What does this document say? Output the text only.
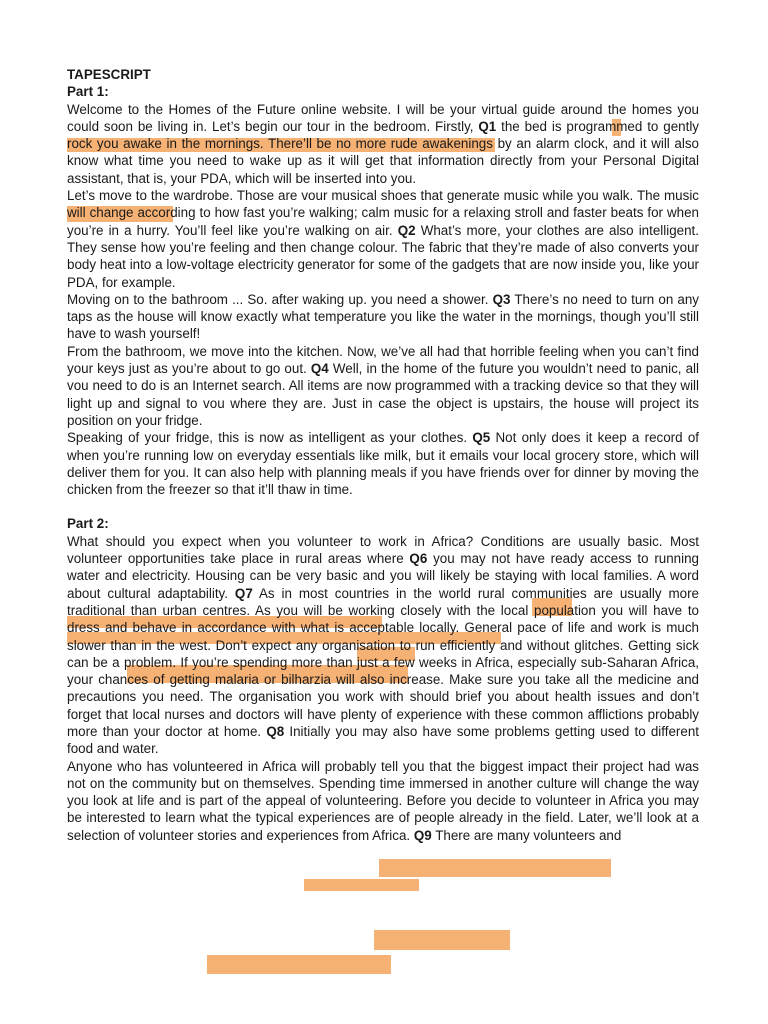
TAPESCRIPT

Part 1:

Welcome to the Homes of the Future online website. I will be your virtual guide around the homes you could soon be living in. Let’s begin our tour in the bedroom. Firstly, Q1 the bed is programmed to gently rock you awake in the mornings. There’ll be no more rude awakenings by an alarm clock, and it will also know what time you need to wake up as it will get that information directly from your Personal Digital assistant, that is, your PDA, which will be inserted into you.

Let’s move to the wardrobe. Those are vour musical shoes that generate music while you walk. The music will change according to how fast you’re walking; calm music for a relaxing stroll and faster beats for when you’re in a hurry. You’ll feel like you’re walking on air. Q2 What’s more, your clothes are also intelligent. They sense how you’re feeling and then change colour. The fabric that they’re made of also converts your body heat into a low-voltage electricity generator for some of the gadgets that are now inside you, like your PDA, for example.

Moving on to the bathroom ... So. after waking up. you need a shower. Q3 There’s no need to turn on any taps as the house will know exactly what temperature you like the water in the mornings, though you’ll still have to wash yourself!

From the bathroom, we move into the kitchen. Now, we’ve all had that horrible feeling when you can’t find your keys just as you’re about to go out. Q4 Well, in the home of the future you wouldn’t need to panic, all vou need to do is an Internet search. All items are now programmed with a tracking device so that they will light up and signal to vou where they are. Just in case the object is upstairs, the house will project its position on your fridge.

Speaking of your fridge, this is now as intelligent as your clothes. Q5 Not only does it keep a record of when you’re running low on everyday essentials like milk, but it emails vour local grocery store, which will deliver them for you. It can also help with planning meals if you have friends over for dinner by moving the chicken from the freezer so that it’ll thaw in time.

Part 2:

What should you expect when you volunteer to work in Africa? Conditions are usually basic. Most volunteer opportunities take place in rural areas where Q6 you may not have ready access to running water and electricity. Housing can be very basic and you will likely be staying with local families. A word about cultural adaptability. Q7 As in most countries in the world rural communities are usually more traditional than urban centres. As you will be working closely with the local population you will have to dress and behave in accordance with what is acceptable locally. General pace of life and work is much slower than in the west. Don’t expect any organisation to run efficiently and without glitches. Getting sick can be a problem. If you’re spending more than just a few weeks in Africa, especially sub-Saharan Africa, your chances of getting malaria or bilharzia will also increase. Make sure you take all the medicine and precautions you need. The organisation you work with should brief you about health issues and don’t forget that local nurses and doctors will have plenty of experience with these common afflictions probably more than your doctor at home. Q8 Initially you may also have some problems getting used to different food and water.

Anyone who has volunteered in Africa will probably tell you that the biggest impact their project had was not on the community but on themselves. Spending time immersed in another culture will change the way you look at life and is part of the appeal of volunteering. Before you decide to volunteer in Africa you may be interested to learn what the typical experiences are of people already in the field. Later, we’ll look at a selection of volunteer stories and experiences from Africa. Q9 There are many volunteers and
